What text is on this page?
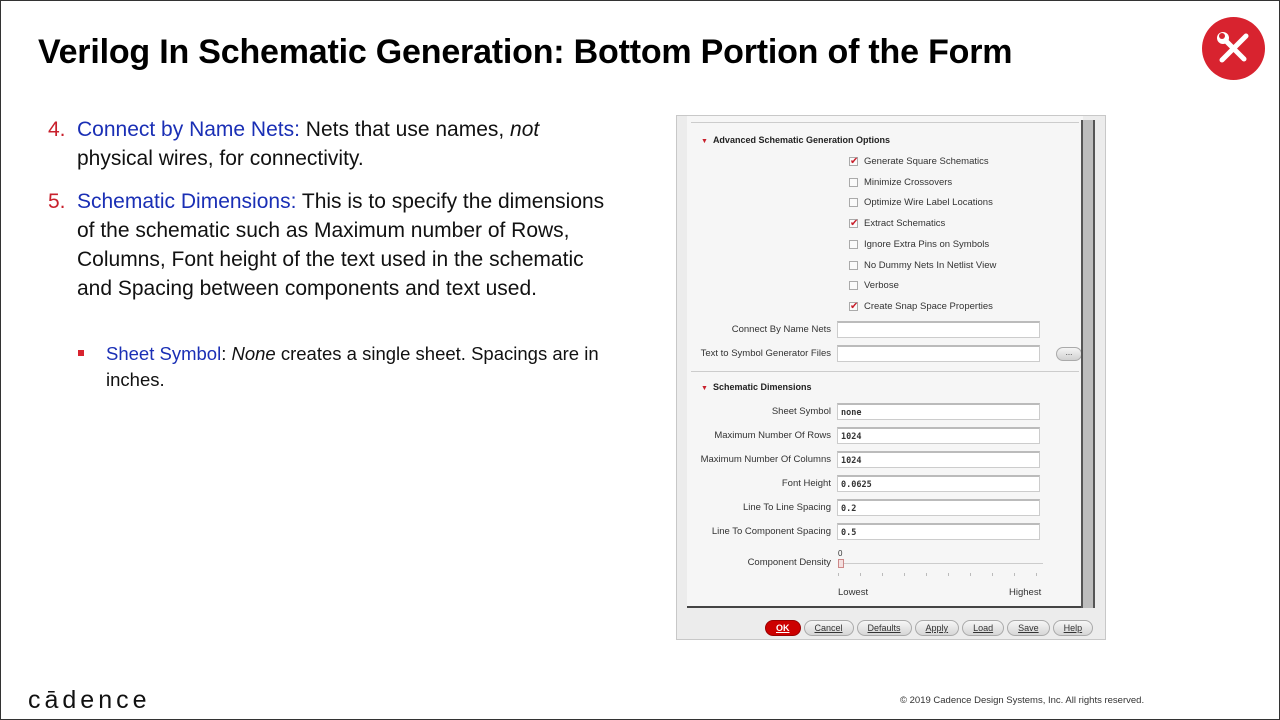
Verilog In Schematic Generation: Bottom Portion of the Form
4. Connect by Name Nets: Nets that use names, not physical wires, for connectivity.
5. Schematic Dimensions: This is to specify the dimensions of the schematic such as Maximum number of Rows, Columns, Font height of the text used in the schematic and Spacing between components and text used.
Sheet Symbol: None creates a single sheet. Spacings are in inches.
▼ Advanced Schematic Generation Options
✔ Generate Square Schematics
Minimize Crossovers
Optimize Wire Label Locations
✔ Extract Schematics
Ignore Extra Pins on Symbols
No Dummy Nets In Netlist View
Verbose
✔ Create Snap Space Properties
Connect By Name Nets
Text to Symbol Generator Files	...
▼ Schematic Dimensions
Sheet Symbol	none
Maximum Number Of Rows	1024
Maximum Number Of Columns	1024
Font Height	0.0625
Line To Line Spacing	0.2
Line To Component Spacing	0.5
0
Component Density
Lowest	Highest
OK	Cancel	Defaults	Apply	Load	Save	Help
cādence	© 2019 Cadence Design Systems, Inc. All rights reserved.
